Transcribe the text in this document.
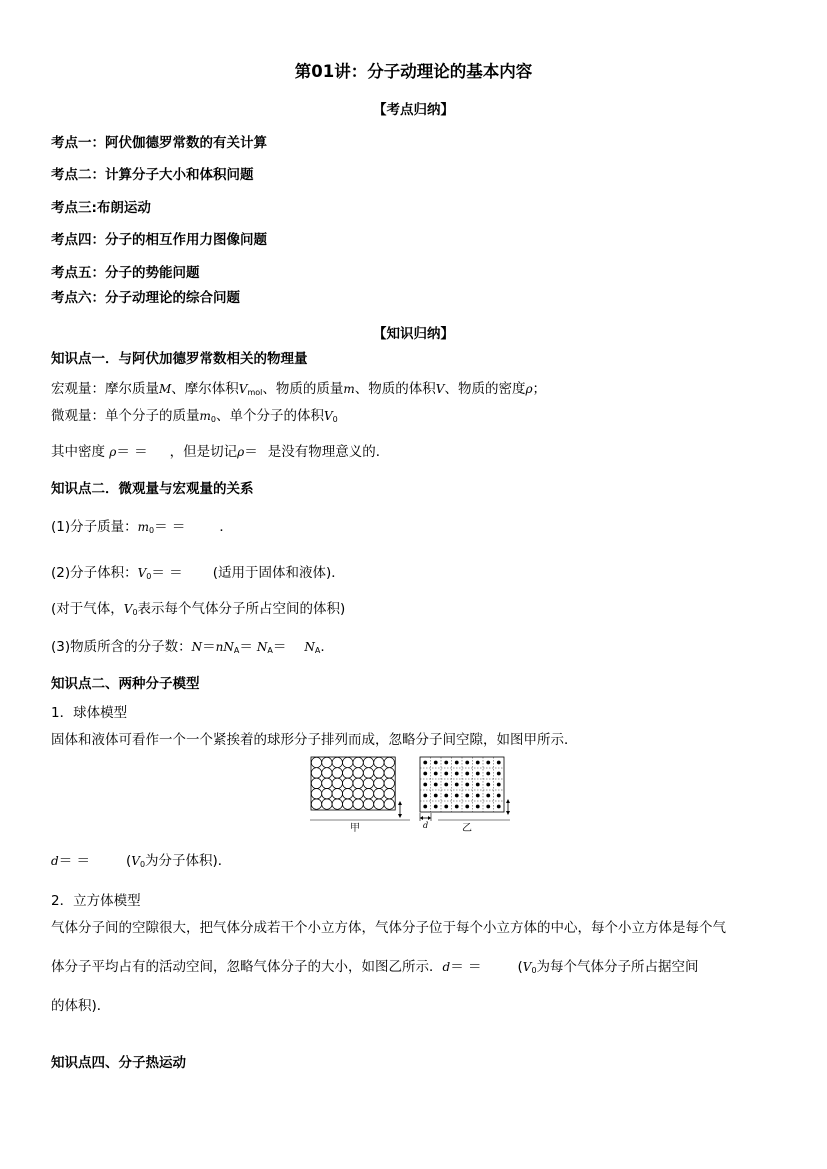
第01讲：分子动理论的基本内容
【考点归纳】
考点一：阿伏伽德罗常数的有关计算
考点二：计算分子大小和体积问题
考点三:布朗运动
考点四：分子的相互作用力图像问题
考点五：分子的势能问题
考点六：分子动理论的综合问题
【知识归纳】
知识点一．与阿伏加德罗常数相关的物理量
宏观量：摩尔质量M、摩尔体积$V_{mol}$、物质的质量m、物质的体积V、物质的密度ρ；
微观量：单个分子的质量$m_0$、单个分子的体积$V_0$
其中密度 ρ＝ ＝ ，但是切记ρ＝ 是没有物理意义的．
知识点二．微观量与宏观量的关系
(1)分子质量：$m_0=$ ＝	．
(2)分子体积：$V_0=$ ＝ (适用于固体和液体)．
(对于气体，$V_0$表示每个气体分子所占空间的体积)
(3)物质所含的分子数：$N=nN_A= N_A= N_A$.
知识点二、两种分子模型
1．球体模型
固体和液体可看作一个一个紧挨着的球形分子排列而成，忽略分子间空隙，如图甲所示．
d
甲	乙
d＝ ＝	($V_0$为分子体积)．
2．立方体模型
气体分子间的空隙很大，把气体分成若干个小立方体，气体分子位于每个小立方体的中心，每个小立方体是每个气
体分子平均占有的活动空间，忽略气体分子的大小，如图乙所示．d＝ ＝	($V_0$为每个气体分子所占据空间
的体积)．
知识点四、分子热运动
